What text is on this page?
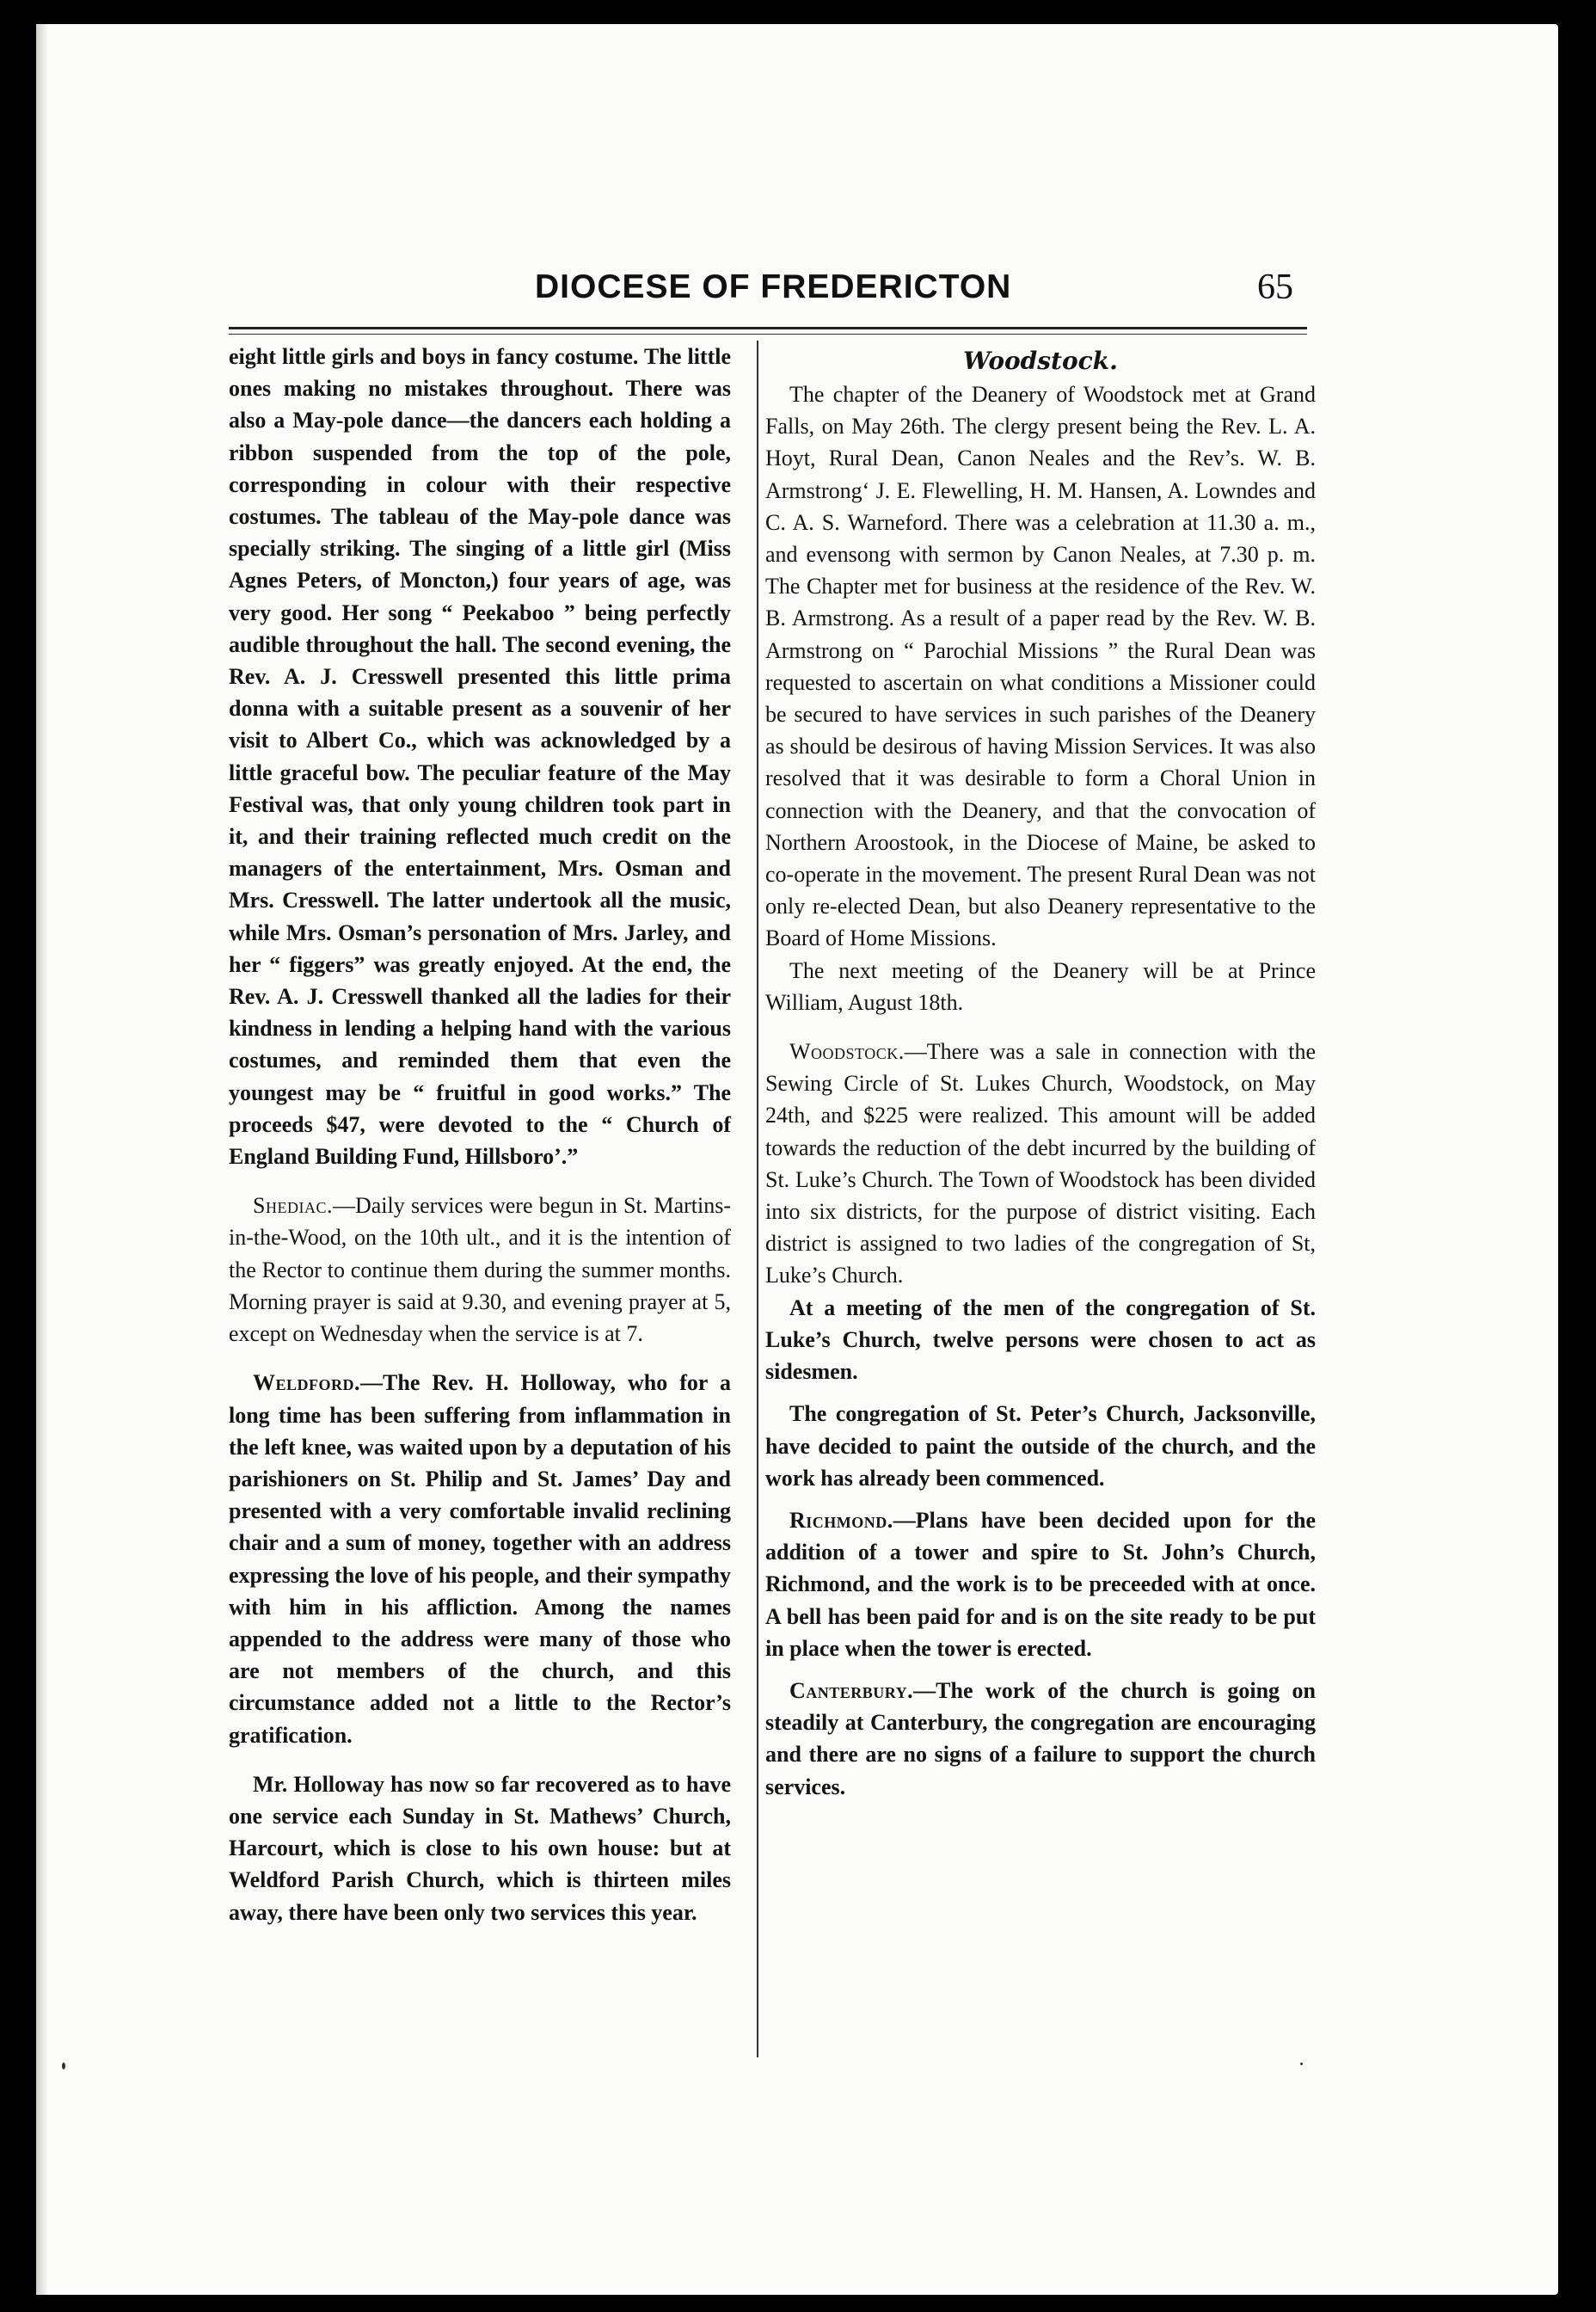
DIOCESE OF FREDERICTON	65

eight little girls and boys in fancy costume. The little ones making no mistakes throughout. There was also a May-pole dance—the dancers each holding a ribbon suspended from the top of the pole, corresponding in colour with their respective costumes. The tableau of the May-pole dance was specially striking. The singing of a little girl (Miss Agnes Peters, of Moncton,) four years of age, was very good. Her song “ Peekaboo ” being perfectly audible throughout the hall. The second evening, the Rev. A. J. Cresswell presented this little prima donna with a suitable present as a souvenir of her visit to Albert Co., which was acknowledged by a little graceful bow. The peculiar feature of the May Festival was, that only young children took part in it, and their training reflected much credit on the managers of the entertainment, Mrs. Osman and Mrs. Cresswell. The latter undertook all the music, while Mrs. Osman’s personation of Mrs. Jarley, and her “ figgers” was greatly enjoyed. At the end, the Rev. A. J. Cresswell thanked all the ladies for their kindness in lending a helping hand with the various costumes, and reminded them that even the youngest may be “ fruitful in good works.” The proceeds $47, were devoted to the “ Church of England Building Fund, Hillsboro’.”

Shediac.—Daily services were begun in St. Martins-in-the-Wood, on the 10th ult., and it is the intention of the Rector to continue them during the summer months. Morning prayer is said at 9.30, and evening prayer at 5, except on Wednesday when the service is at 7.

Weldford.—The Rev. H. Holloway, who for a long time has been suffering from inflammation in the left knee, was waited upon by a deputation of his parishioners on St. Philip and St. James’ Day and presented with a very comfortable invalid reclining chair and a sum of money, together with an address expressing the love of his people, and their sympathy with him in his affliction. Among the names appended to the address were many of those who are not members of the church, and this circumstance added not a little to the Rector’s gratification.

Mr. Holloway has now so far recovered as to have one service each Sunday in St. Mathews’ Church, Harcourt, which is close to his own house: but at Weldford Parish Church, which is thirteen miles away, there have been only two services this year.

Woodstock.

The chapter of the Deanery of Woodstock met at Grand Falls, on May 26th. The clergy present being the Rev. L. A. Hoyt, Rural Dean, Canon Neales and the Rev’s. W. B. Armstrong‘ J. E. Flewelling, H. M. Hansen, A. Lowndes and C. A. S. Warneford. There was a celebration at 11.30 a. m., and evensong with sermon by Canon Neales, at 7.30 p. m. The Chapter met for business at the residence of the Rev. W. B. Armstrong. As a result of a paper read by the Rev. W. B. Armstrong on “ Parochial Missions ” the Rural Dean was requested to ascertain on what conditions a Missioner could be secured to have services in such parishes of the Deanery as should be desirous of having Mission Services. It was also resolved that it was desirable to form a Choral Union in connection with the Deanery, and that the convocation of Northern Aroostook, in the Diocese of Maine, be asked to co-operate in the movement. The present Rural Dean was not only re-elected Dean, but also Deanery representative to the Board of Home Missions.

The next meeting of the Deanery will be at Prince William, August 18th.

Woodstock.—There was a sale in connection with the Sewing Circle of St. Lukes Church, Woodstock, on May 24th, and $225 were realized. This amount will be added towards the reduction of the debt incurred by the building of St. Luke’s Church. The Town of Woodstock has been divided into six districts, for the purpose of district visiting. Each district is assigned to two ladies of the congregation of St, Luke’s Church.

At a meeting of the men of the congregation of St. Luke’s Church, twelve persons were chosen to act as sidesmen.

The congregation of St. Peter’s Church, Jacksonville, have decided to paint the outside of the church, and the work has already been commenced.

Richmond.—Plans have been decided upon for the addition of a tower and spire to St. John’s Church, Richmond, and the work is to be preceeded with at once. A bell has been paid for and is on the site ready to be put in place when the tower is erected.

Canterbury.—The work of the church is going on steadily at Canterbury, the congregation are encouraging and there are no signs of a failure to support the church services.
